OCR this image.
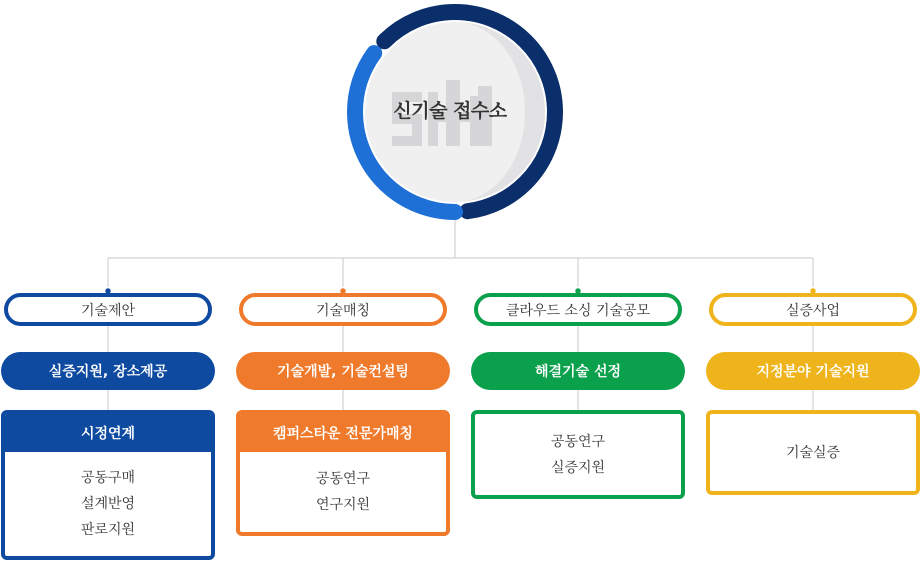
신기술 접수소
기술제안
실증지원, 장소제공
시정연계
공동구매
설계반영
판로지원
기술매칭
기술개발, 기술컨설팅
캠퍼스타운 전문가매칭
공동연구
연구지원
클라우드 소싱 기술공모
해결기술 선정
공동연구
실증지원
실증사업
지정분야 기술지원
기술실증
